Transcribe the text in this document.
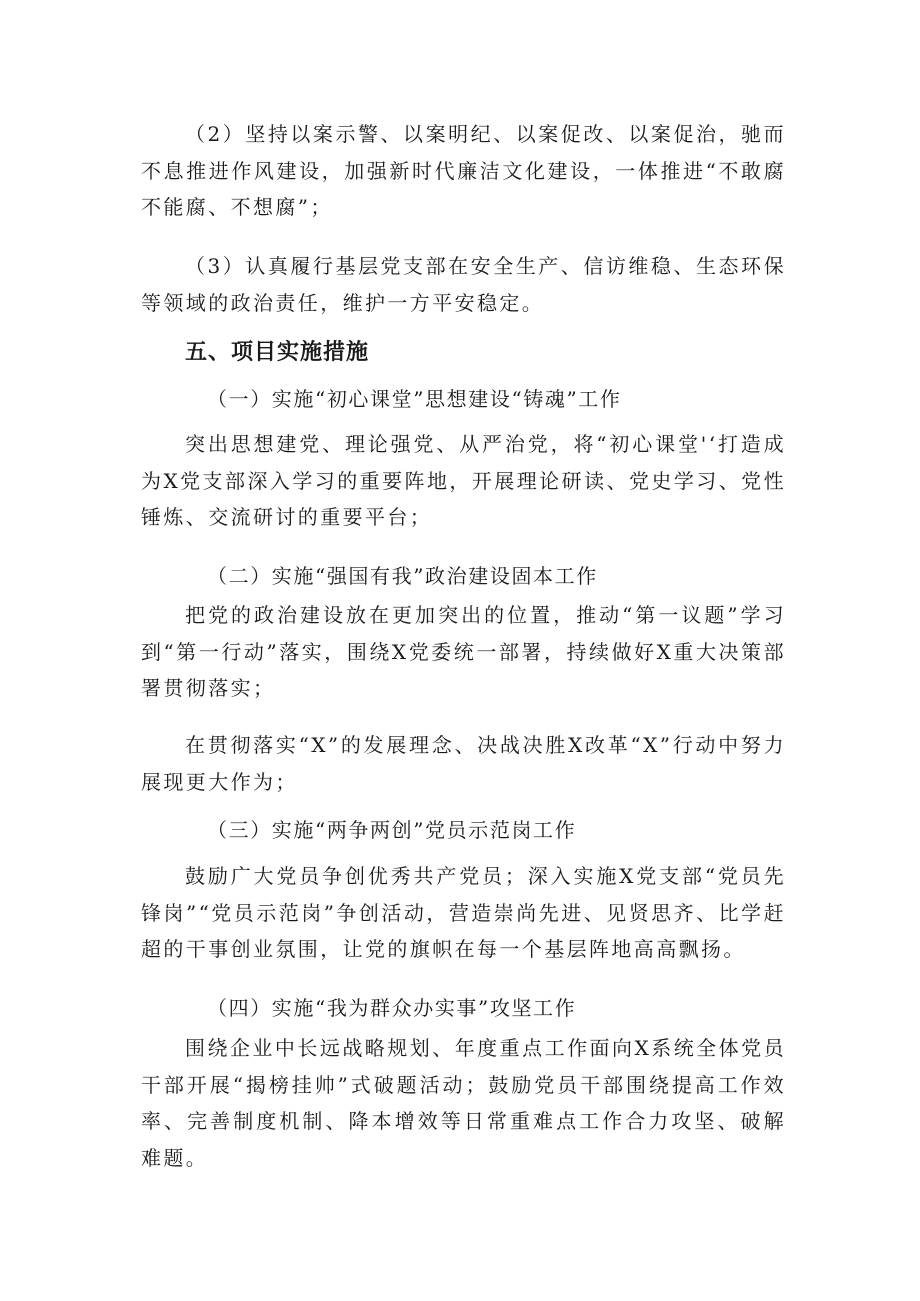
（2）坚持以案示警、以案明纪、以案促改、以案促治，驰而不息推进作风建设，加强新时代廉洁文化建设，一体推进“不敢腐不能腐、不想腐”；

（3）认真履行基层党支部在安全生产、信访维稳、生态环保等领域的政治责任，维护一方平安稳定。

五、项目实施措施

（一）实施“初心课堂”思想建设“铸魂”工作

突出思想建党、理论强党、从严治党，将“初心课堂'‘打造成为X党支部深入学习的重要阵地，开展理论研读、党史学习、党性锤炼、交流研讨的重要平台；

（二）实施“强国有我”政治建设固本工作

把党的政治建设放在更加突出的位置，推动“第一议题”学习到“第一行动”落实，围绕X党委统一部署，持续做好X重大决策部署贯彻落实；

在贯彻落实“X”的发展理念、决战决胜X改革“X”行动中努力展现更大作为；

（三）实施“两争两创”党员示范岗工作

鼓励广大党员争创优秀共产党员；深入实施X党支部“党员先锋岗”“党员示范岗”争创活动，营造崇尚先进、见贤思齐、比学赶超的干事创业氛围，让党的旗帜在每一个基层阵地高高飘扬。

（四）实施“我为群众办实事”攻坚工作

围绕企业中长远战略规划、年度重点工作面向X系统全体党员干部开展“揭榜挂帅”式破题活动；鼓励党员干部围绕提高工作效率、完善制度机制、降本增效等日常重难点工作合力攻坚、破解难题。
